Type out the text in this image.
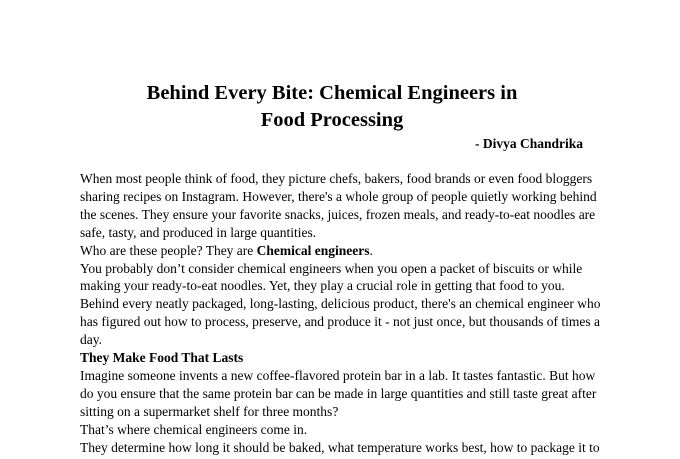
Behind Every Bite: Chemical Engineers in
Food Processing
- Divya Chandrika

When most people think of food, they picture chefs, bakers, food brands or even food bloggers

sharing recipes on Instagram. However, there's a whole group of people quietly working behind

the scenes. They ensure your favorite snacks, juices, frozen meals, and ready-to-eat noodles are

safe, tasty, and produced in large quantities.

Who are these people? They are Chemical engineers.

You probably don’t consider chemical engineers when you open a packet of biscuits or while

making your ready-to-eat noodles. Yet, they play a crucial role in getting that food to you.

Behind every neatly packaged, long-lasting, delicious product, there's an chemical engineer who

has figured out how to process, preserve, and produce it - not just once, but thousands of times a

day.

They Make Food That Lasts

Imagine someone invents a new coffee-flavored protein bar in a lab. It tastes fantastic. But how

do you ensure that the same protein bar can be made in large quantities and still taste great after

sitting on a supermarket shelf for three months?

That’s where chemical engineers come in.

They determine how long it should be baked, what temperature works best, how to package it to
